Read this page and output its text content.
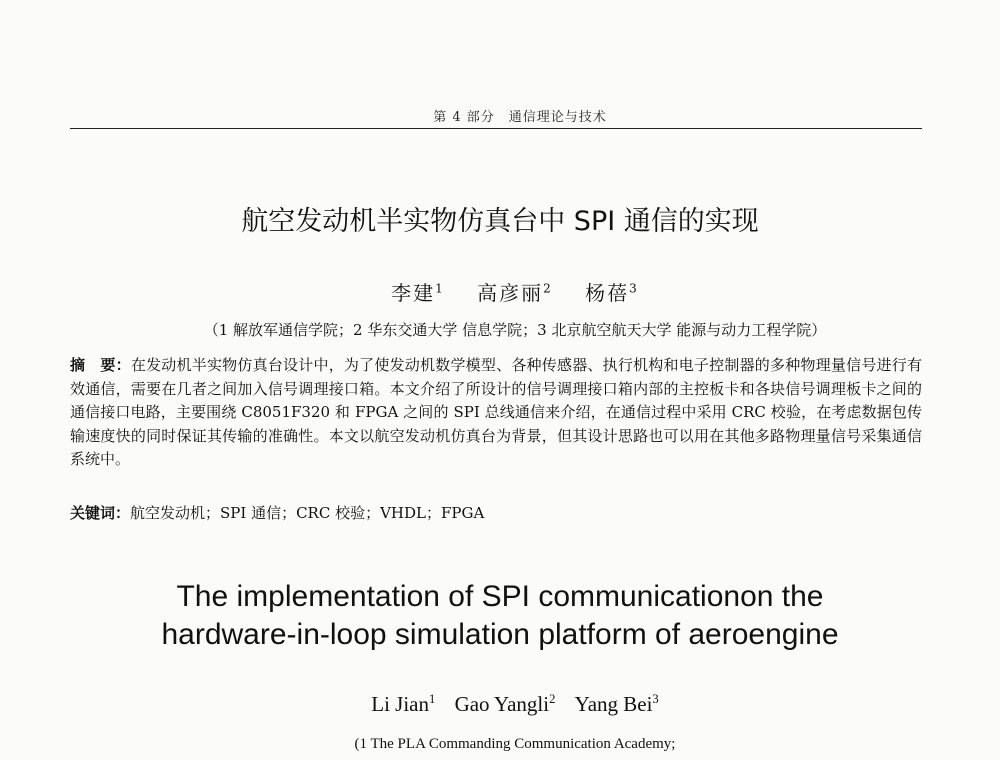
第 4 部分　通信理论与技术
航空发动机半实物仿真台中 SPI 通信的实现
李建$^1$ 高彦丽$^2$ 杨蓓$^3$
（1 解放军通信学院；2 华东交通大学 信息学院；3 北京航空航天大学 能源与动力工程学院）
摘　要：在发动机半实物仿真台设计中，为了使发动机数学模型、各种传感器、执行机构和电子控制器的多种物理量信号进行有效通信，需要在几者之间加入信号调理接口箱。本文介绍了所设计的信号调理接口箱内部的主控板卡和各块信号调理板卡之间的通信接口电路，主要围绕 C8051F320 和 FPGA 之间的 SPI 总线通信来介绍，在通信过程中采用 CRC 校验，在考虑数据包传输速度快的同时保证其传输的准确性。本文以航空发动机仿真台为背景，但其设计思路也可以用在其他多路物理量信号采集通信系统中。
关键词：航空发动机；SPI 通信；CRC 校验；VHDL；FPGA
The implementation of SPI communicationon the
hardware-in-loop simulation platform of aeroengine
Li Jian$^1$ Gao Yangli$^2$ Yang Bei$^3$
(1 The PLA Commanding Communication Academy;
